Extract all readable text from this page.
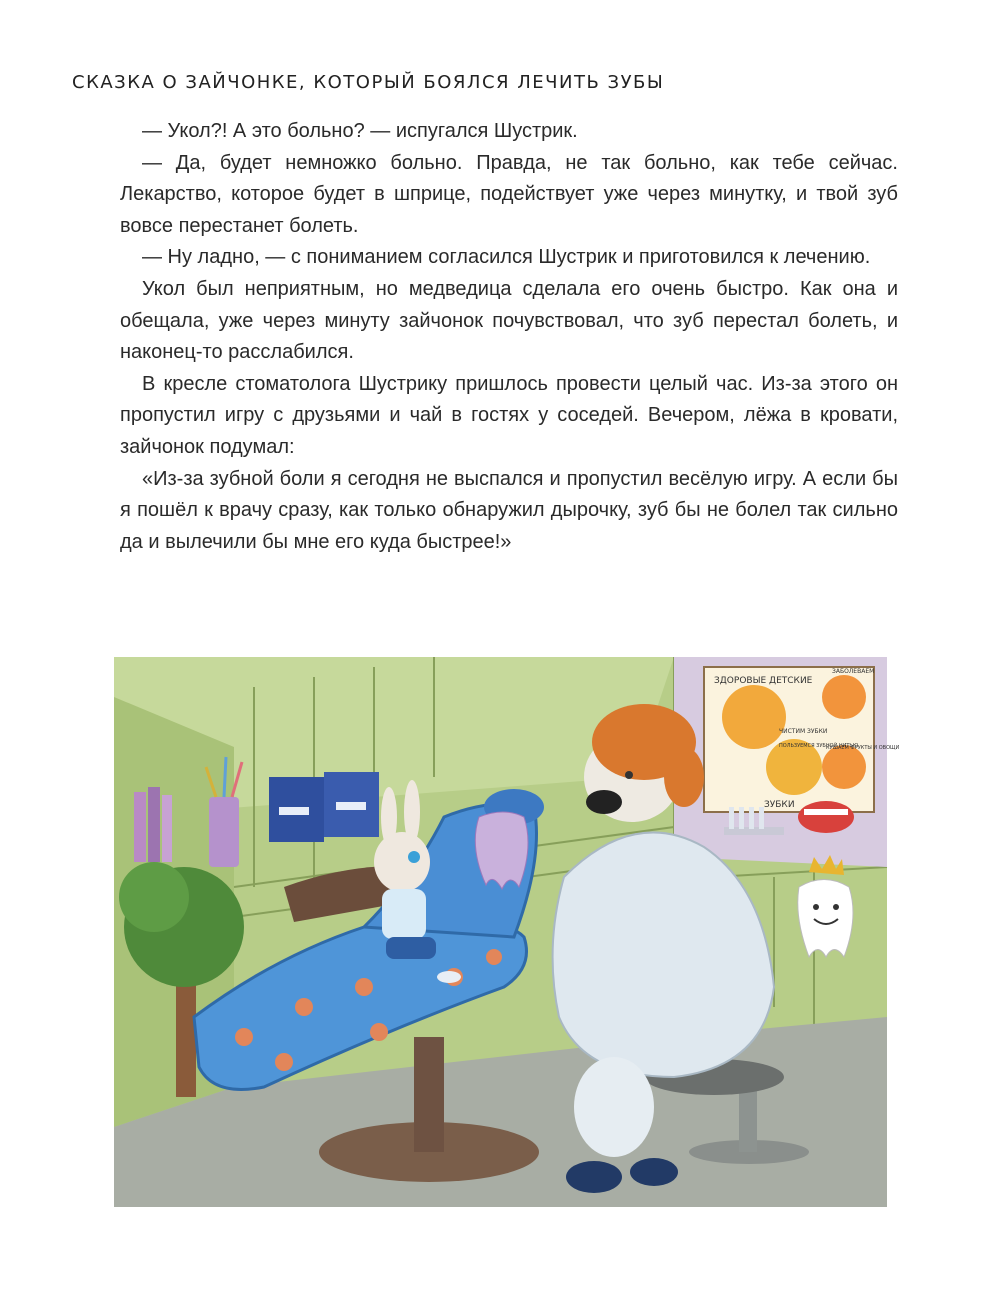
СКАЗКА О ЗАЙЧОНКЕ, КОТОРЫЙ БОЯЛСЯ ЛЕЧИТЬ ЗУБЫ

— Укол?! А это больно? — испугался Шустрик.

— Да, будет немножко больно. Правда, не так больно, как тебе сейчас. Лекарство, которое будет в шприце, подействует уже через минутку, и твой зуб вовсе перестанет болеть.

— Ну ладно, — с пониманием согласился Шустрик и приготовился к лечению.

Укол был неприятным, но медведица сделала его очень быстро. Как она и обещала, уже через минуту зайчонок почувствовал, что зуб перестал болеть, и наконец-то расслабился.

В кресле стоматолога Шустрику пришлось провести целый час. Из-за этого он пропустил игру с друзьями и чай в гостях у соседей. Вечером, лёжа в кровати, зайчонок подумал:

«Из-за зубной боли я сегодня не выспался и пропустил весёлую игру. А если бы я пошёл к врачу сразу, как только обнаружил дырочку, зуб бы не болел так сильно да и вылечили бы мне его куда быстрее!»

ЗДОРОВЫЕ ДЕТСКИЕ
ЗУБКИ
ЧИСТИМ ЗУБКИ
ЗАБОЛЕВАЕМ
ПОЛЬЗУЕМСЯ ЗУБНОЙ НИТЬЮ
КУШАЕМ ФРУКТЫ И ОВОЩИ
